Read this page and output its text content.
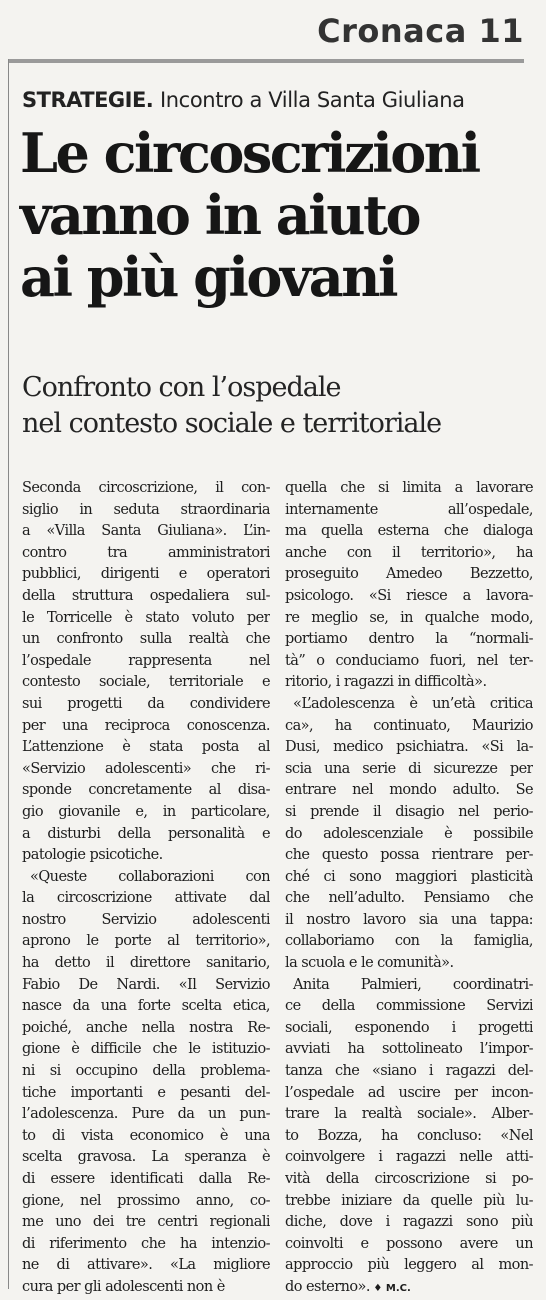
Cronaca 11
STRATEGIE. Incontro a Villa Santa Giuliana
Le circoscrizioni
vanno in aiuto
ai più giovani
Confronto con l’ospedale
nel contesto sociale e territoriale
Seconda circoscrizione, il con-
siglio in seduta straordinaria
a «Villa Santa Giuliana». L’in-
contro tra amministratori
pubblici, dirigenti e operatori
della struttura ospedaliera sul-
le Torricelle è stato voluto per
un confronto sulla realtà che
l’ospedale rappresenta nel
contesto sociale, territoriale e
sui progetti da condividere
per una reciproca conoscenza.
L’attenzione è stata posta al
«Servizio adolescenti» che ri-
sponde concretamente al disa-
gio giovanile e, in particolare,
a disturbi della personalità e
patologie psicotiche.
«Queste collaborazioni con
la circoscrizione attivate dal
nostro Servizio adolescenti
aprono le porte al territorio»,
ha detto il direttore sanitario,
Fabio De Nardi. «Il Servizio
nasce da una forte scelta etica,
poiché, anche nella nostra Re-
gione è difficile che le istituzio-
ni si occupino della problema-
tiche importanti e pesanti del-
l’adolescenza. Pure da un pun-
to di vista economico è una
scelta gravosa. La speranza è
di essere identificati dalla Re-
gione, nel prossimo anno, co-
me uno dei tre centri regionali
di riferimento che ha intenzio-
ne di attivare». «La migliore
cura per gli adolescenti non è
quella che si limita a lavorare
internamente all’ospedale,
ma quella esterna che dialoga
anche con il territorio», ha
proseguito Amedeo Bezzetto,
psicologo. «Si riesce a lavora-
re meglio se, in qualche modo,
portiamo dentro la “normali-
tà” o conduciamo fuori, nel ter-
ritorio, i ragazzi in difficoltà».
«L’adolescenza è un’età critica
ca», ha continuato, Maurizio
Dusi, medico psichiatra. «Si la-
scia una serie di sicurezze per
entrare nel mondo adulto. Se
si prende il disagio nel perio-
do adolescenziale è possibile
che questo possa rientrare per-
ché ci sono maggiori plasticità
che nell’adulto. Pensiamo che
il nostro lavoro sia una tappa:
collaboriamo con la famiglia,
la scuola e le comunità».
Anita Palmieri, coordinatri-
ce della commissione Servizi
sociali, esponendo i progetti
avviati ha sottolineato l’impor-
tanza che «siano i ragazzi del-
l’ospedale ad uscire per incon-
trare la realtà sociale». Alber-
to Bozza, ha concluso: «Nel
coinvolgere i ragazzi nelle atti-
vità della circoscrizione si po-
trebbe iniziare da quelle più lu-
diche, dove i ragazzi sono più
coinvolti e possono avere un
approccio più leggero al mon-
do esterno». ♦ M.C.
